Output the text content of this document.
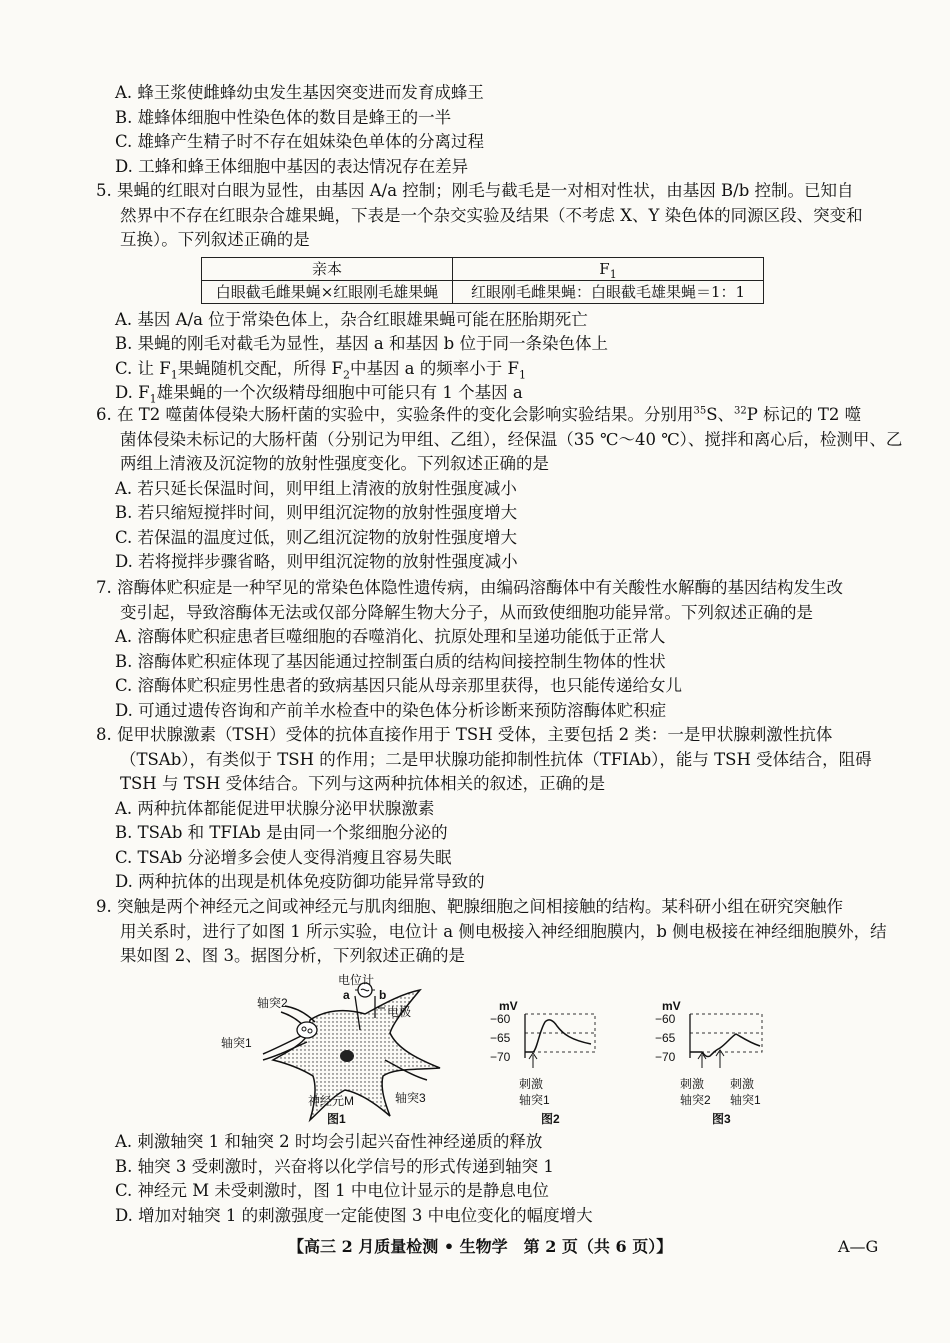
A. 蜂王浆使雌蜂幼虫发生基因突变进而发育成蜂王
B. 雄蜂体细胞中性染色体的数目是蜂王的一半
C. 雄蜂产生精子时不存在姐妹染色单体的分离过程
D. 工蜂和蜂王体细胞中基因的表达情况存在差异
5. 果蝇的红眼对白眼为显性，由基因 A/a 控制；刚毛与截毛是一对相对性状，由基因 B/b 控制。已知自
然界中不存在红眼杂合雄果蝇，下表是一个杂交实验及结果（不考虑 X、Y 染色体的同源区段、突变和
互换）。下列叙述正确的是
亲本	$F_1$
白眼截毛雌果蝇×红眼刚毛雄果蝇	红眼刚毛雌果蝇：白眼截毛雄果蝇＝1：1
A. 基因 A/a 位于常染色体上，杂合红眼雄果蝇可能在胚胎期死亡
B. 果蝇的刚毛对截毛为显性，基因 a 和基因 b 位于同一条染色体上
C. 让 $F_1$果蝇随机交配，所得 $F_2$中基因 a 的频率小于 $F_1$
D. $F_1$雄果蝇的一个次级精母细胞中可能只有 1 个基因 a
6. 在 T2 噬菌体侵染大肠杆菌的实验中，实验条件的变化会影响实验结果。分别用$^{35}$S、$^{32}$P 标记的 T2 噬
菌体侵染未标记的大肠杆菌（分别记为甲组、乙组），经保温（35 ℃～40 ℃）、搅拌和离心后，检测甲、乙
两组上清液及沉淀物的放射性强度变化。下列叙述正确的是
A. 若只延长保温时间，则甲组上清液的放射性强度减小
B. 若只缩短搅拌时间，则甲组沉淀物的放射性强度增大
C. 若保温的温度过低，则乙组沉淀物的放射性强度增大
D. 若将搅拌步骤省略，则甲组沉淀物的放射性强度减小
7. 溶酶体贮积症是一种罕见的常染色体隐性遗传病，由编码溶酶体中有关酸性水解酶的基因结构发生改
变引起，导致溶酶体无法或仅部分降解生物大分子，从而致使细胞功能异常。下列叙述正确的是
A. 溶酶体贮积症患者巨噬细胞的吞噬消化、抗原处理和呈递功能低于正常人
B. 溶酶体贮积症体现了基因能通过控制蛋白质的结构间接控制生物体的性状
C. 溶酶体贮积症男性患者的致病基因只能从母亲那里获得，也只能传递给女儿
D. 可通过遗传咨询和产前羊水检查中的染色体分析诊断来预防溶酶体贮积症
8. 促甲状腺激素（TSH）受体的抗体直接作用于 TSH 受体，主要包括 2 类：一是甲状腺刺激性抗体
（TSAb），有类似于 TSH 的作用；二是甲状腺功能抑制性抗体（TFIAb），能与 TSH 受体结合，阻碍
TSH 与 TSH 受体结合。下列与这两种抗体相关的叙述，正确的是
A. 两种抗体都能促进甲状腺分泌甲状腺激素
B. TSAb 和 TFIAb 是由同一个浆细胞分泌的
C. TSAb 分泌增多会使人变得消瘦且容易失眠
D. 两种抗体的出现是机体免疫防御功能异常导致的
9. 突触是两个神经元之间或神经元与肌肉细胞、靶腺细胞之间相接触的结构。某科研小组在研究突触作
用关系时，进行了如图 1 所示实验，电位计 a 侧电极接入神经细胞膜内，b 侧电极接在神经细胞膜外，结
果如图 2、图 3。据图分析，下列叙述正确的是
电位计
a b
电极
轴突2
轴突1
轴突3
神经元M
图1
mV
−60
−65
−70
刺激
轴突1
图2
mV
−60
−65
−70
刺激
轴突2
刺激
轴突1
图3
A. 刺激轴突 1 和轴突 2 时均会引起兴奋性神经递质的释放
B. 轴突 3 受刺激时，兴奋将以化学信号的形式传递到轴突 1
C. 神经元 M 未受刺激时，图 1 中电位计显示的是静息电位
D. 增加对轴突 1 的刺激强度一定能使图 3 中电位变化的幅度增大
【高三 2 月质量检测 • 生物学　第 2 页（共 6 页）】	A—G
